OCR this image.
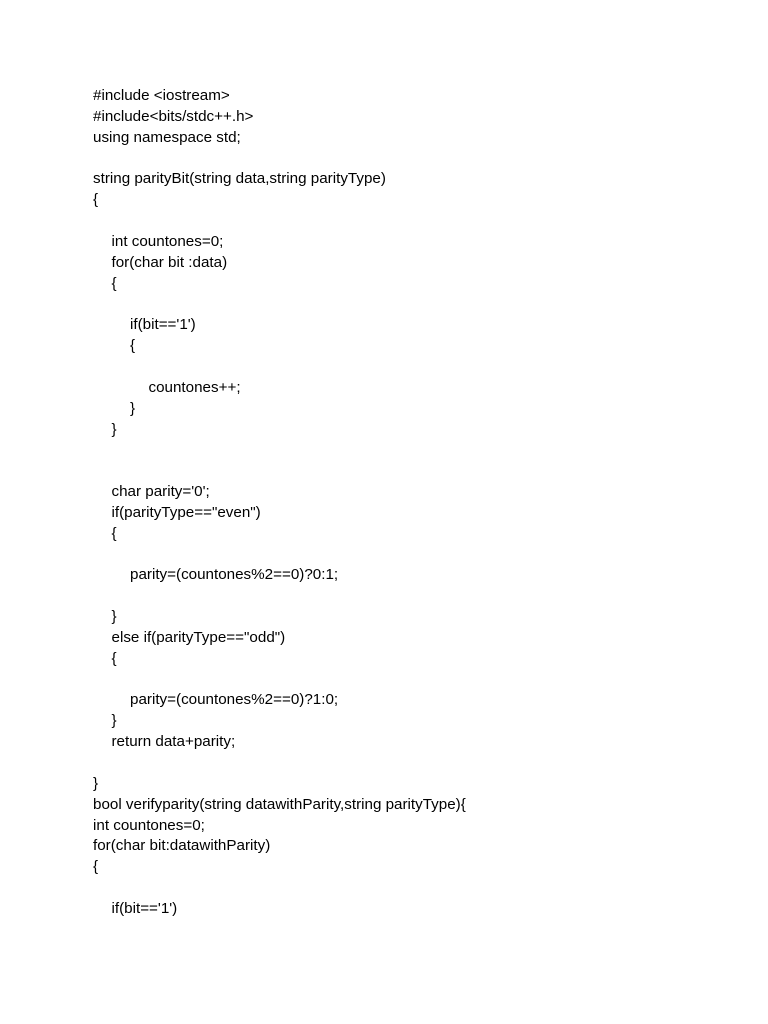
#include <iostream>
#include<bits/stdc++.h>
using namespace std;
string parityBit(string data,string parityType)
{
int countones=0;
for(char bit :data)
{
if(bit=='1')
{
countones++;
}
}
char parity='0';
if(parityType=="even")
{
parity=(countones%2==0)?0:1;
}
else if(parityType=="odd")
{
parity=(countones%2==0)?1:0;
}
return data+parity;
}
bool verifyparity(string datawithParity,string parityType){
int countones=0;
for(char bit:datawithParity)
{
if(bit=='1')
